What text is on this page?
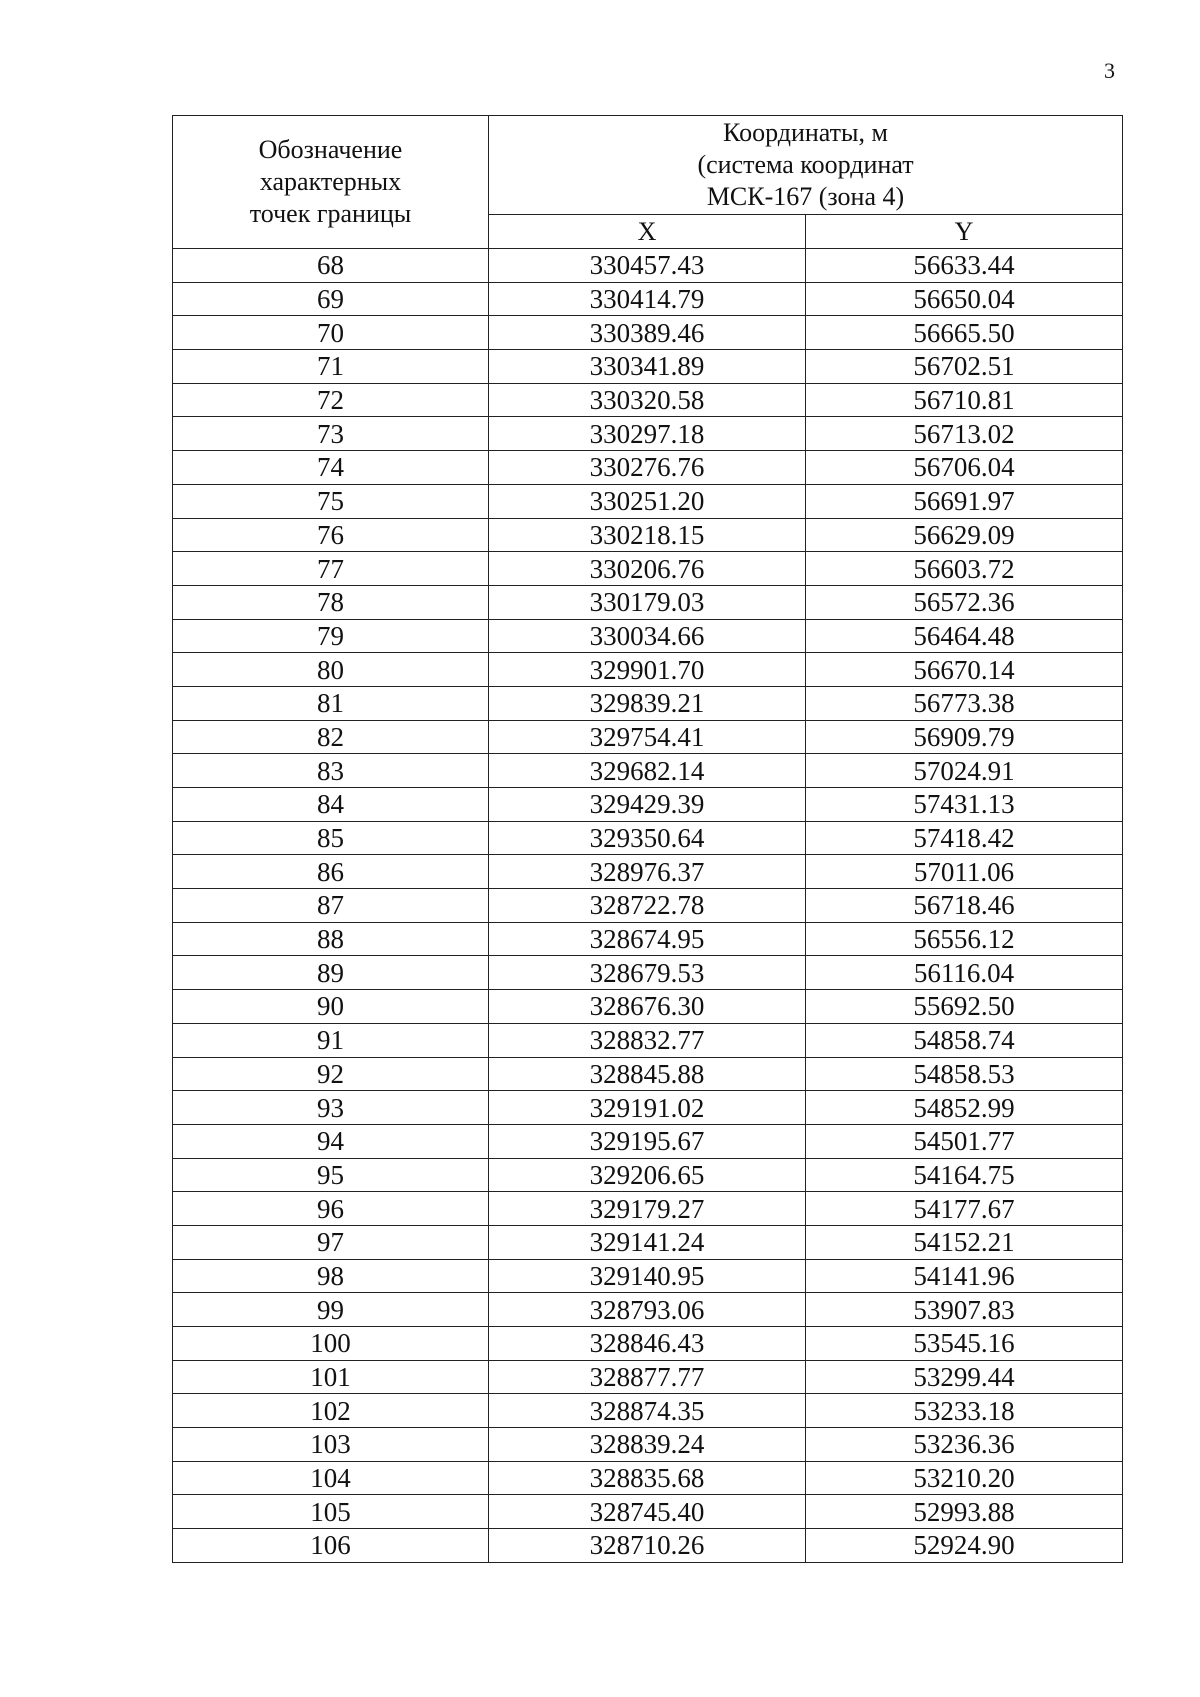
3
Обозначение
характерных
точек границы	Координаты, м
(система координат
МСК-167 (зона 4)	

	X	Y
68	330457.43	56633.44
69	330414.79	56650.04
70	330389.46	56665.50
71	330341.89	56702.51
72	330320.58	56710.81
73	330297.18	56713.02
74	330276.76	56706.04
75	330251.20	56691.97
76	330218.15	56629.09
77	330206.76	56603.72
78	330179.03	56572.36
79	330034.66	56464.48
80	329901.70	56670.14
81	329839.21	56773.38
82	329754.41	56909.79
83	329682.14	57024.91
84	329429.39	57431.13
85	329350.64	57418.42
86	328976.37	57011.06
87	328722.78	56718.46
88	328674.95	56556.12
89	328679.53	56116.04
90	328676.30	55692.50
91	328832.77	54858.74
92	328845.88	54858.53
93	329191.02	54852.99
94	329195.67	54501.77
95	329206.65	54164.75
96	329179.27	54177.67
97	329141.24	54152.21
98	329140.95	54141.96
99	328793.06	53907.83
100	328846.43	53545.16
101	328877.77	53299.44
102	328874.35	53233.18
103	328839.24	53236.36
104	328835.68	53210.20
105	328745.40	52993.88
106	328710.26	52924.90
